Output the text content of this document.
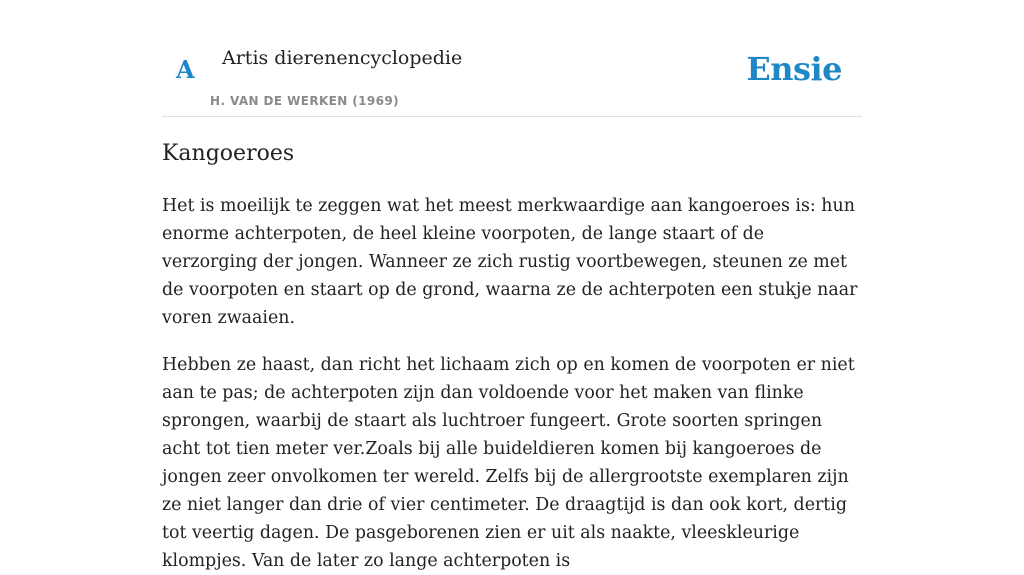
A Artis dierenencyclopedie
H. VAN DE WERKEN (1969)
Ensie
Kangoeroes

Het is moeilijk te zeggen wat het meest merkwaardige aan kangoeroes is: hun enorme achterpoten, de heel kleine voorpoten, de lange staart of de verzorging der jongen. Wanneer ze zich rustig voortbewegen, steunen ze met de voorpoten en staart op de grond, waarna ze de achterpoten een stukje naar voren zwaaien.

Hebben ze haast, dan richt het lichaam zich op en komen de voorpoten er niet aan te pas; de achterpoten zijn dan voldoende voor het maken van flinke sprongen, waarbij de staart als luchtroer fungeert. Grote soorten springen acht tot tien meter ver.Zoals bij alle buideldieren komen bij kangoeroes de jongen zeer onvolkomen ter wereld. Zelfs bij de allergrootste exemplaren zijn ze niet langer dan drie of vier centimeter. De draagtijd is dan ook kort, dertig tot veertig dagen. De pasgeborenen zien er uit als naakte, vleeskleurige klompjes. Van de later zo lange achterpoten is
